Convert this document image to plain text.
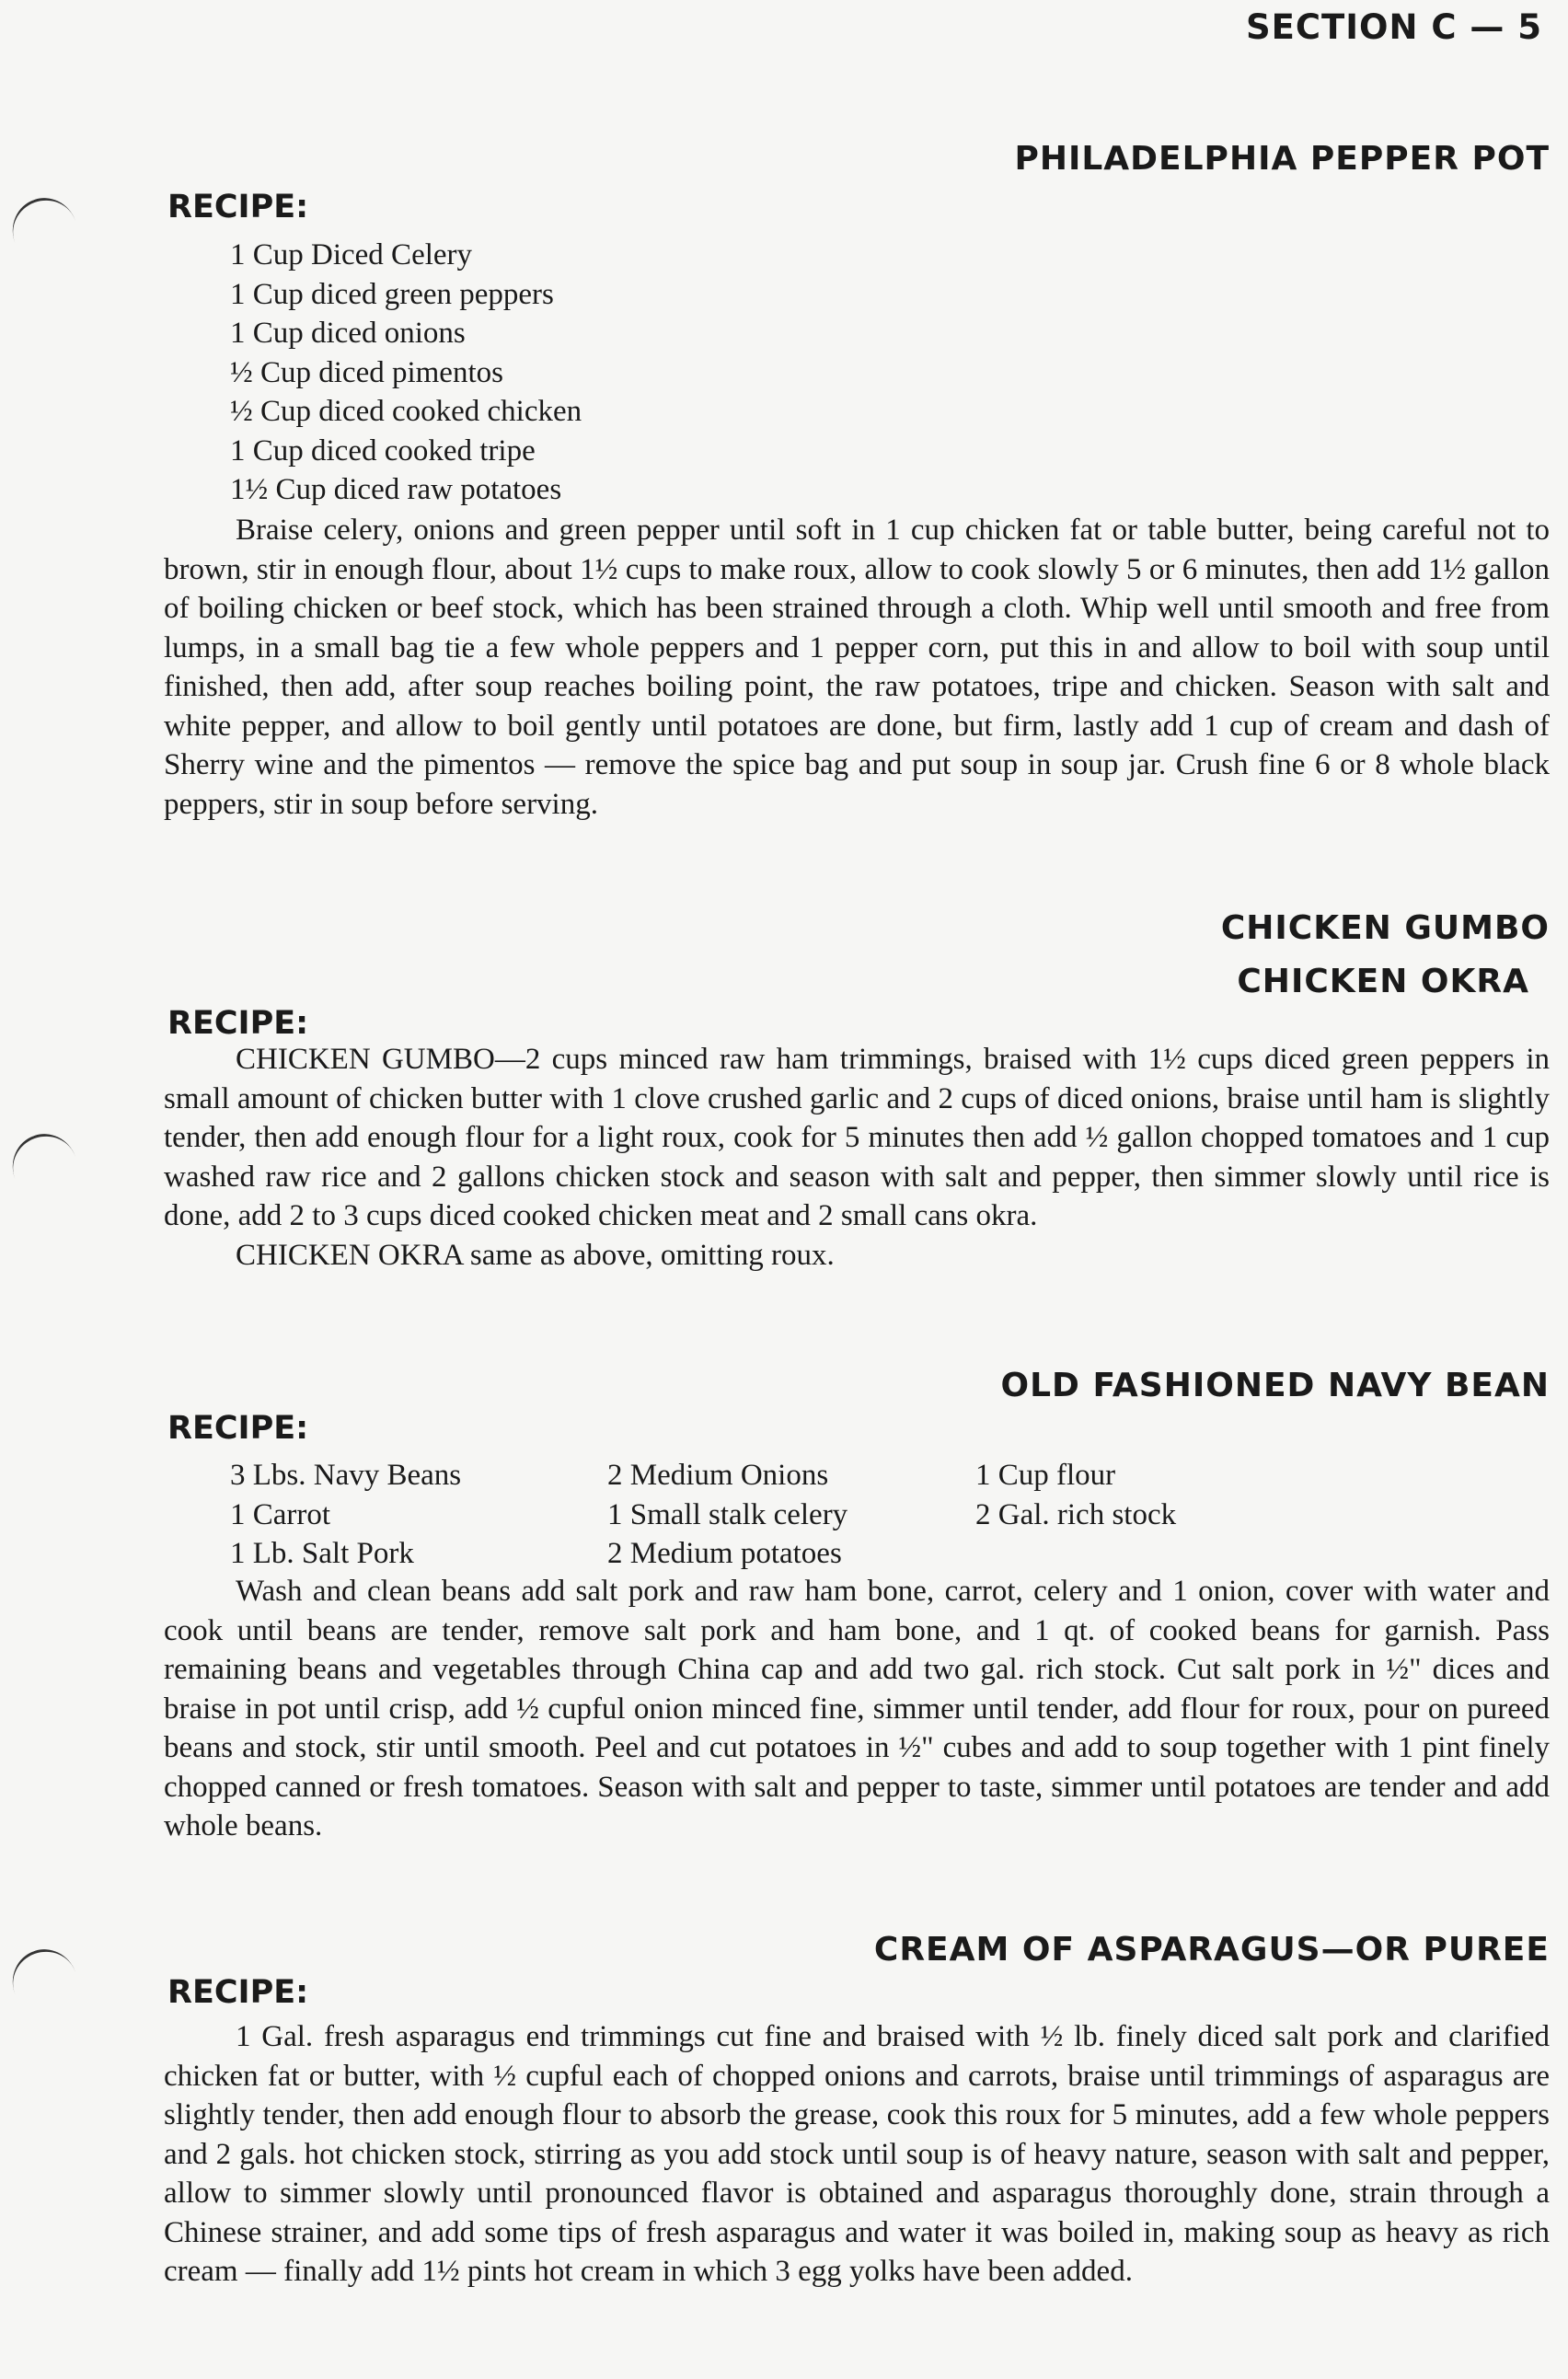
SECTION C — 5
PHILADELPHIA PEPPER POT
RECIPE:
1 Cup Diced Celery
1 Cup diced green peppers
1 Cup diced onions
½ Cup diced pimentos
½ Cup diced cooked chicken
1 Cup diced cooked tripe
1½ Cup diced raw potatoes

Braise celery, onions and green pepper until soft in 1 cup chicken fat or table butter, being careful not to brown, stir in enough flour, about 1½ cups to make roux, allow to cook slowly 5 or 6 minutes, then add 1½ gallon of boiling chicken or beef stock, which has been strained through a cloth. Whip well until smooth and free from lumps, in a small bag tie a few whole peppers and 1 pepper corn, put this in and allow to boil with soup until finished, then add, after soup reaches boiling point, the raw potatoes, tripe and chicken. Season with salt and white pepper, and allow to boil gently until potatoes are done, but firm, lastly add 1 cup of cream and dash of Sherry wine and the pimentos — remove the spice bag and put soup in soup jar. Crush fine 6 or 8 whole black peppers, stir in soup before serving.

CHICKEN GUMBO
CHICKEN OKRA
RECIPE:

CHICKEN GUMBO—2 cups minced raw ham trimmings, braised with 1½ cups diced green peppers in small amount of chicken butter with 1 clove crushed garlic and 2 cups of diced onions, braise until ham is slightly tender, then add enough flour for a light roux, cook for 5 minutes then add ½ gallon chopped tomatoes and 1 cup washed raw rice and 2 gallons chicken stock and season with salt and pepper, then simmer slowly until rice is done, add 2 to 3 cups diced cooked chicken meat and 2 small cans okra.

CHICKEN OKRA same as above, omitting roux.

OLD FASHIONED NAVY BEAN
RECIPE:
3 Lbs. Navy Beans
1 Carrot
1 Lb. Salt Pork
2 Medium Onions
1 Small stalk celery
2 Medium potatoes
1 Cup flour
2 Gal. rich stock

Wash and clean beans add salt pork and raw ham bone, carrot, celery and 1 onion, cover with water and cook until beans are tender, remove salt pork and ham bone, and 1 qt. of cooked beans for garnish. Pass remaining beans and vegetables through China cap and add two gal. rich stock. Cut salt pork in ½" dices and braise in pot until crisp, add ½ cupful onion minced fine, simmer until tender, add flour for roux, pour on pureed beans and stock, stir until smooth. Peel and cut potatoes in ½" cubes and add to soup together with 1 pint finely chopped canned or fresh tomatoes. Season with salt and pepper to taste, simmer until potatoes are tender and add whole beans.

CREAM OF ASPARAGUS—OR PUREE
RECIPE:

1 Gal. fresh asparagus end trimmings cut fine and braised with ½ lb. finely diced salt pork and clarified chicken fat or butter, with ½ cupful each of chopped onions and carrots, braise until trimmings of asparagus are slightly tender, then add enough flour to absorb the grease, cook this roux for 5 minutes, add a few whole peppers and 2 gals. hot chicken stock, stirring as you add stock until soup is of heavy nature, season with salt and pepper, allow to simmer slowly until pronounced flavor is obtained and asparagus thoroughly done, strain through a Chinese strainer, and add some tips of fresh asparagus and water it was boiled in, making soup as heavy as rich cream — finally add 1½ pints hot cream in which 3 egg yolks have been added.
